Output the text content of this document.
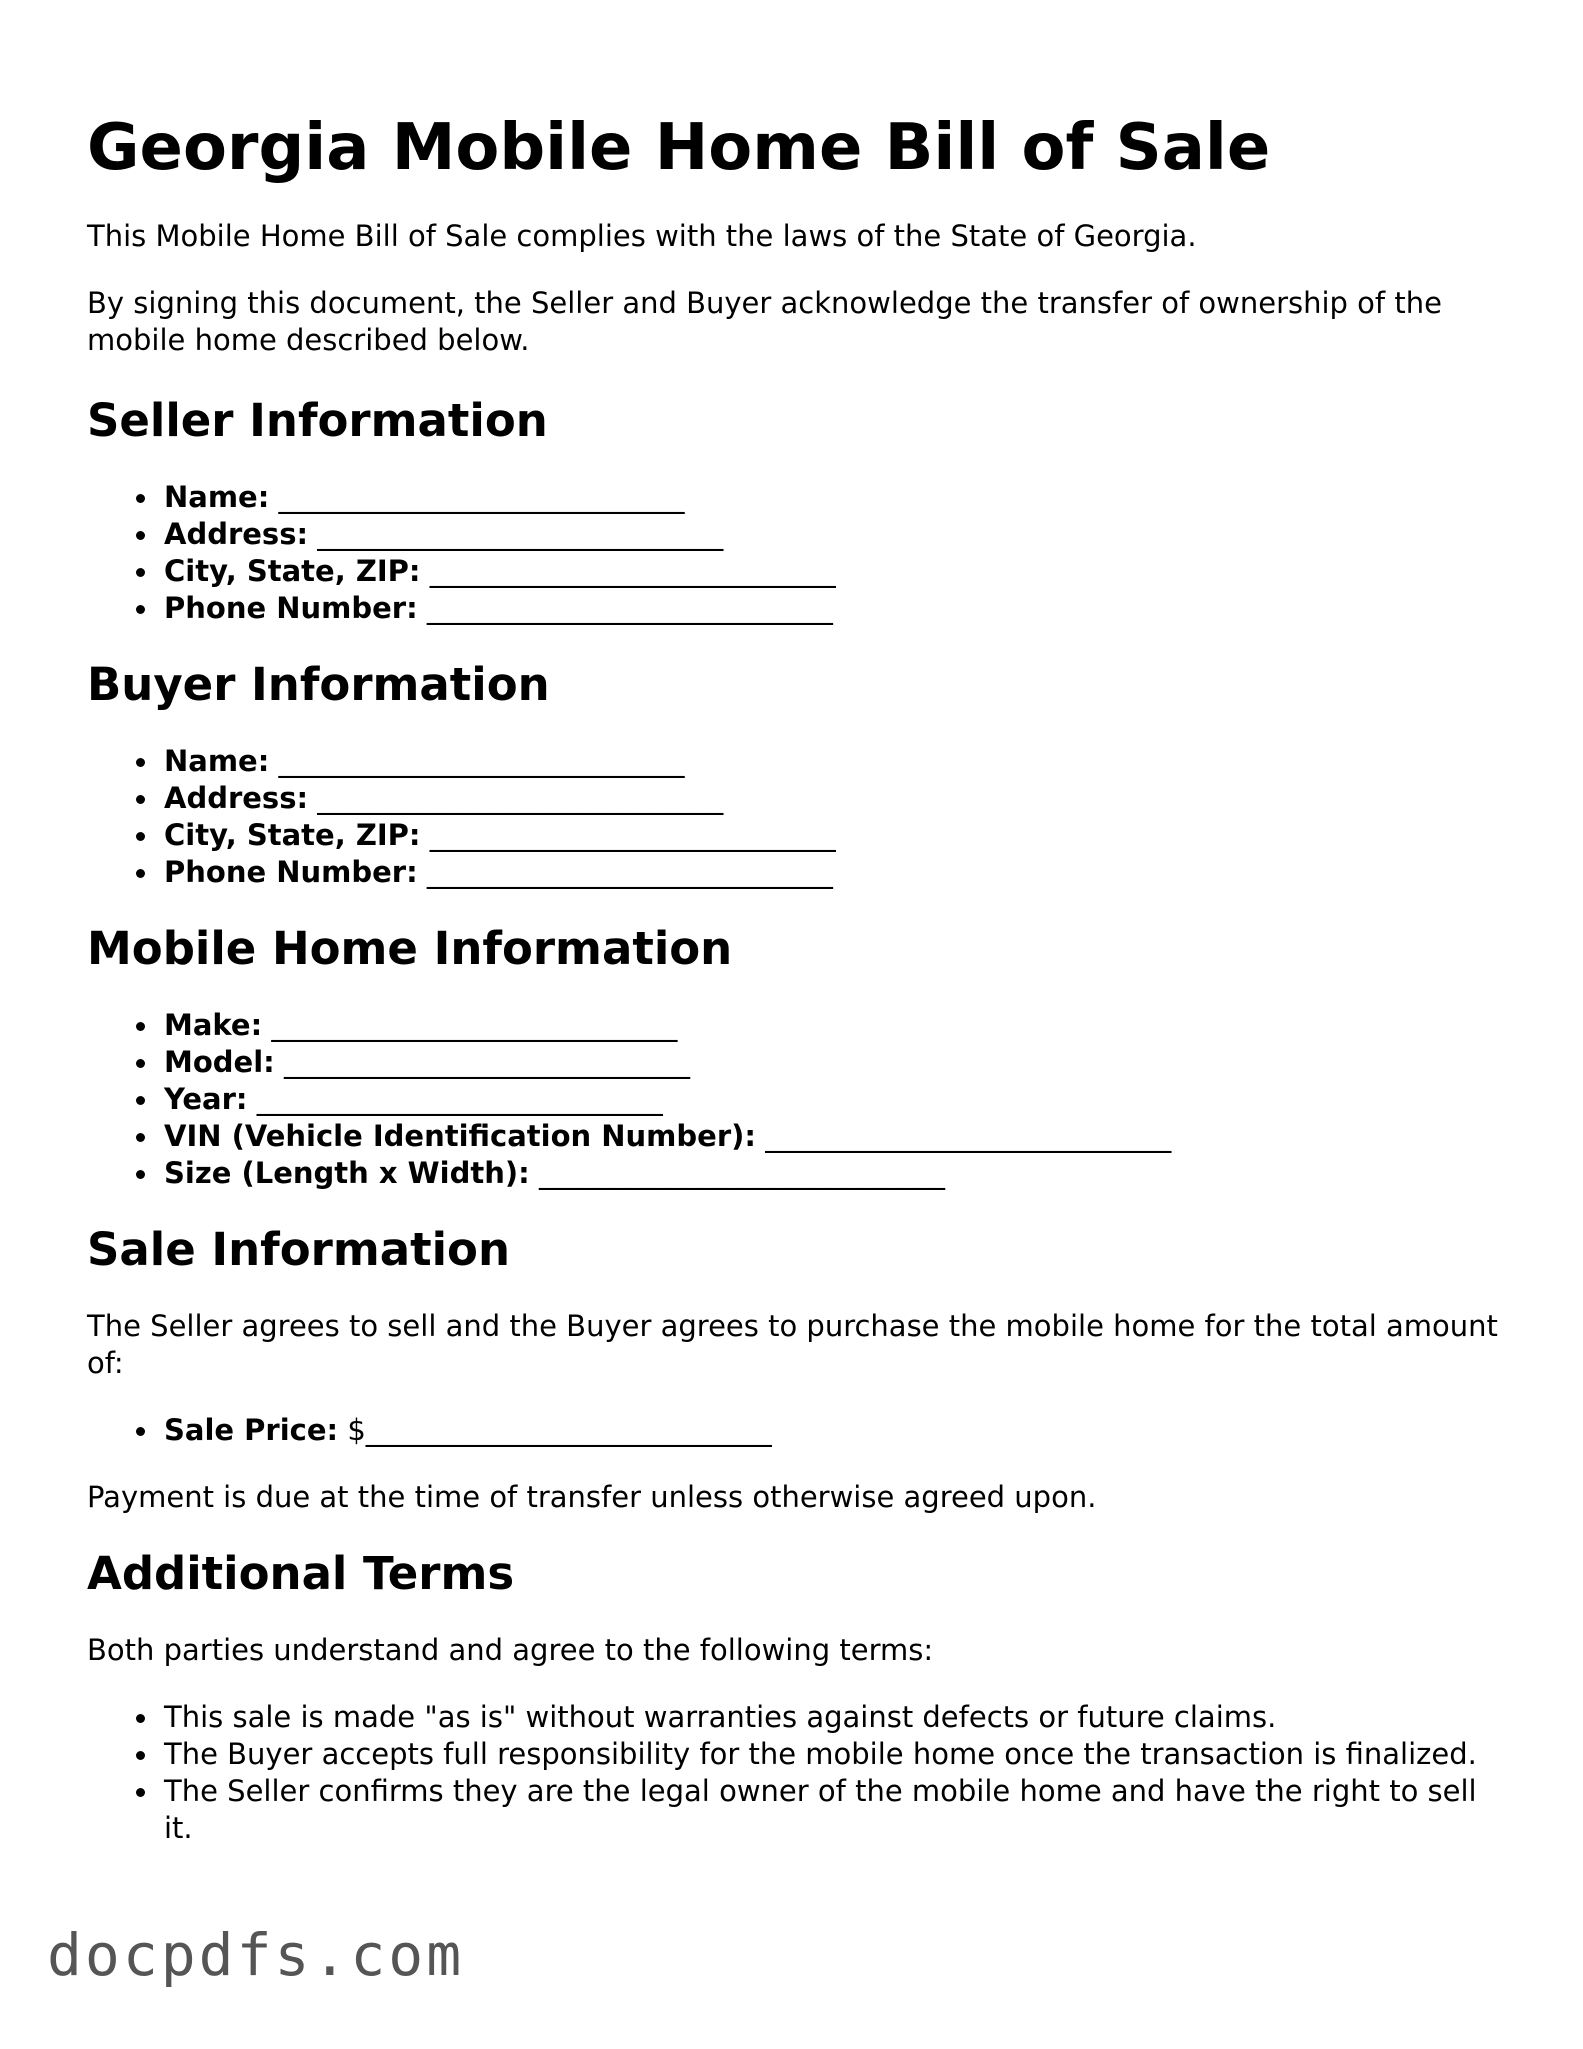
Georgia Mobile Home Bill of Sale

This Mobile Home Bill of Sale complies with the laws of the State of Georgia.

By signing this document, the Seller and Buyer acknowledge the transfer of ownership of the mobile home described below.

Seller Information
Name: ____________________________
Address: ____________________________
City, State, ZIP: ____________________________
Phone Number: ____________________________
Buyer Information
Name: ____________________________
Address: ____________________________
City, State, ZIP: ____________________________
Phone Number: ____________________________
Mobile Home Information
Make: ____________________________
Model: ____________________________
Year: ____________________________
VIN (Vehicle Identification Number): ____________________________
Size (Length x Width): ____________________________
Sale Information

The Seller agrees to sell and the Buyer agrees to purchase the mobile home for the total amount of:

Sale Price: $____________________________

Payment is due at the time of transfer unless otherwise agreed upon.

Additional Terms

Both parties understand and agree to the following terms:

This sale is made "as is" without warranties against defects or future claims.
The Buyer accepts full responsibility for the mobile home once the transaction is finalized.
The Seller confirms they are the legal owner of the mobile home and have the right to sell it.
docpdfs.com
